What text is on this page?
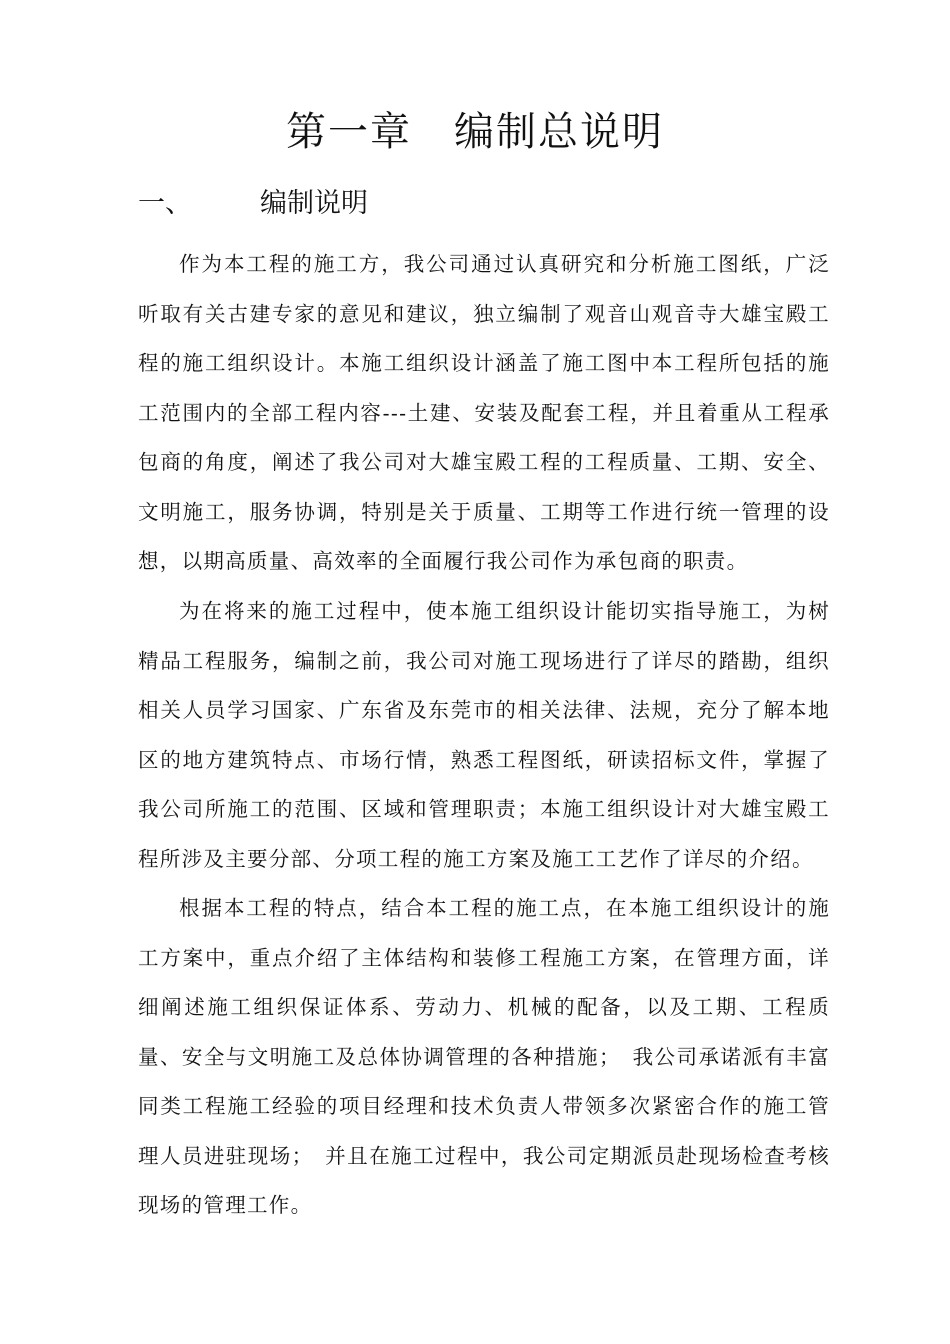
第一章　编制总说明
一、	编制说明

作为本工程的施工方，我公司通过认真研究和分析施工图纸，广泛听取有关古建专家的意见和建议，独立编制了观音山观音寺大雄宝殿工程的施工组织设计。本施工组织设计涵盖了施工图中本工程所包括的施工范围内的全部工程内容---土建、安装及配套工程，并且着重从工程承包商的角度，阐述了我公司对大雄宝殿工程的工程质量、工期、安全、文明施工，服务协调，特别是关于质量、工期等工作进行统一管理的设想，以期高质量、高效率的全面履行我公司作为承包商的职责。

为在将来的施工过程中，使本施工组织设计能切实指导施工，为树精品工程服务，编制之前，我公司对施工现场进行了详尽的踏勘，组织相关人员学习国家、广东省及东莞市的相关法律、法规，充分了解本地区的地方建筑特点、市场行情，熟悉工程图纸，研读招标文件，掌握了我公司所施工的范围、区域和管理职责；本施工组织设计对大雄宝殿工程所涉及主要分部、分项工程的施工方案及施工工艺作了详尽的介绍。

根据本工程的特点，结合本工程的施工点，在本施工组织设计的施工方案中，重点介绍了主体结构和装修工程施工方案，在管理方面，详细阐述施工组织保证体系、劳动力、机械的配备，以及工期、工程质量、安全与文明施工及总体协调管理的各种措施；　我公司承诺派有丰富同类工程施工经验的项目经理和技术负责人带领多次紧密合作的施工管理人员进驻现场；　并且在施工过程中，我公司定期派员赴现场检查考核现场的管理工作。
